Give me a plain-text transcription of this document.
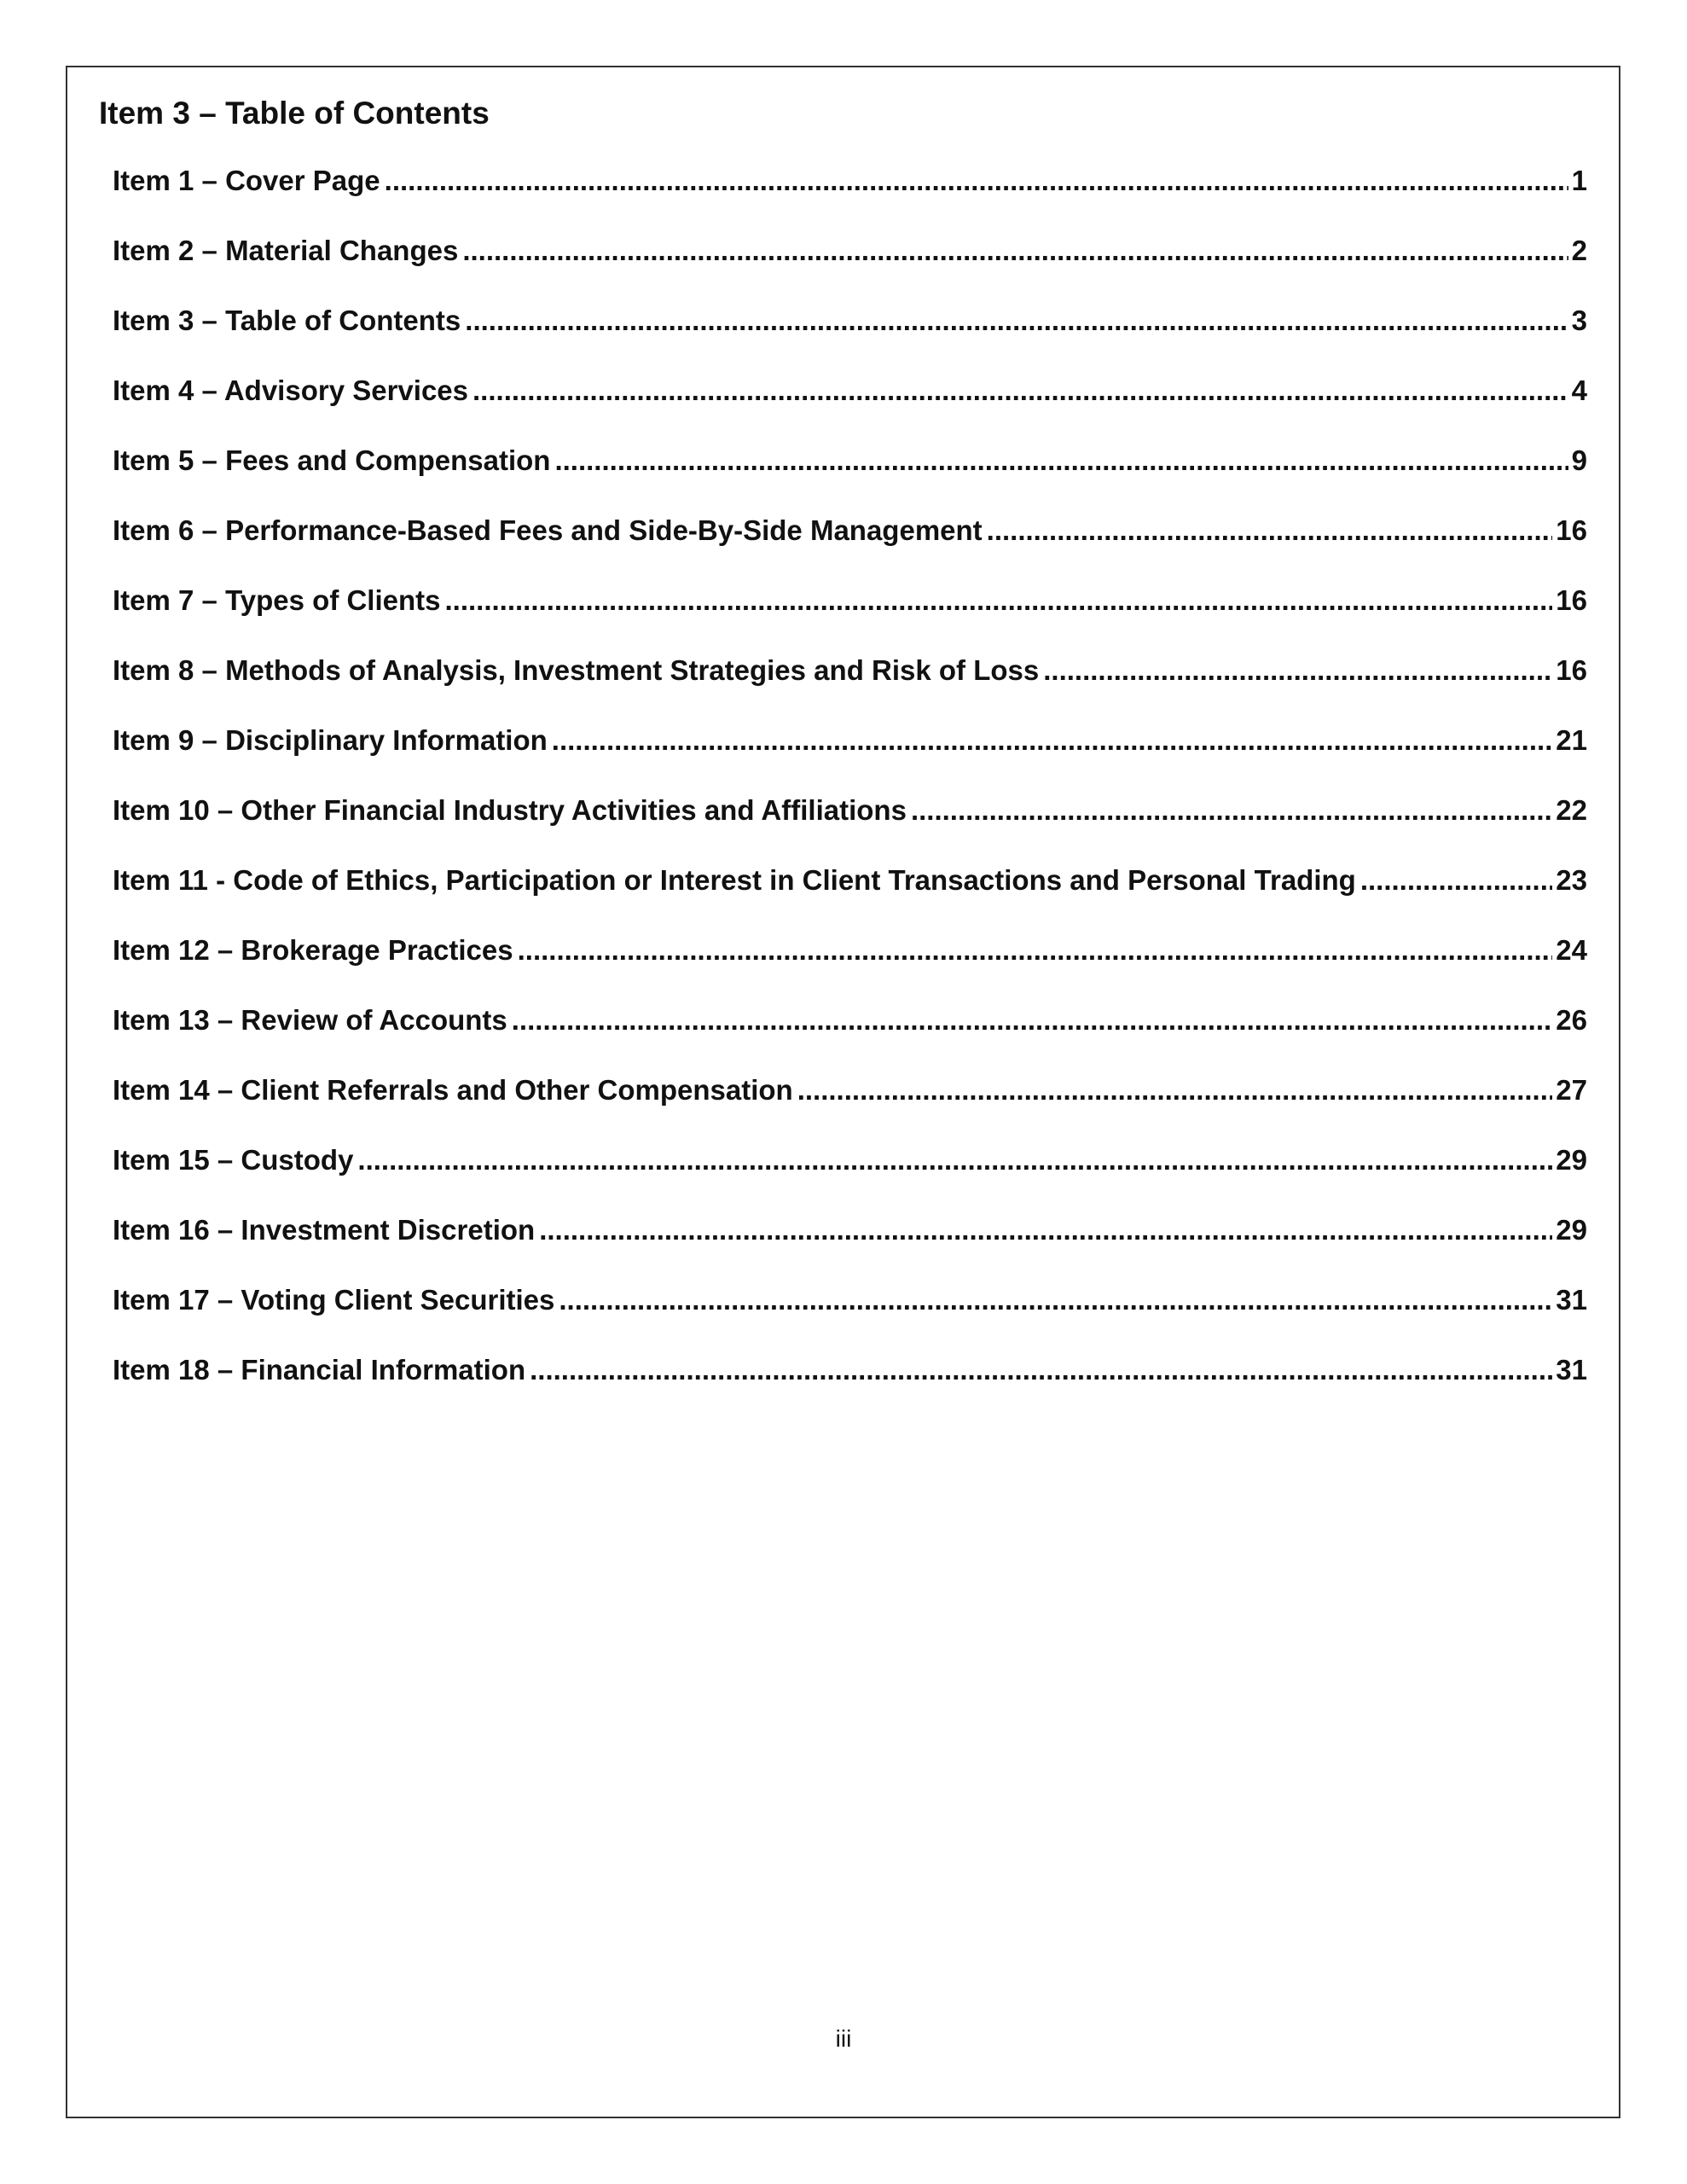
Item 3 – Table of Contents
Item 1 – Cover Page .....	1
Item 2 – Material Changes .....	2
Item 3 – Table of Contents .....	3
Item 4 – Advisory Services .....	4
Item 5 – Fees and Compensation .....	9
Item 6 – Performance-Based Fees and Side-By-Side Management .....	16
Item 7 – Types of Clients .....	16
Item 8 – Methods of Analysis, Investment Strategies and Risk of Loss .....	16
Item 9 – Disciplinary Information .....	21
Item 10 – Other Financial Industry Activities and Affiliations .....	22
Item 11 - Code of Ethics, Participation or Interest in Client Transactions and Personal Trading .....	23
Item 12 – Brokerage Practices .....	24
Item 13 – Review of Accounts .....	26
Item 14 – Client Referrals and Other Compensation .....	27
Item 15 – Custody .....	29
Item 16 – Investment Discretion .....	29
Item 17 – Voting Client Securities .....	31
Item 18 – Financial Information .....	31
iii
